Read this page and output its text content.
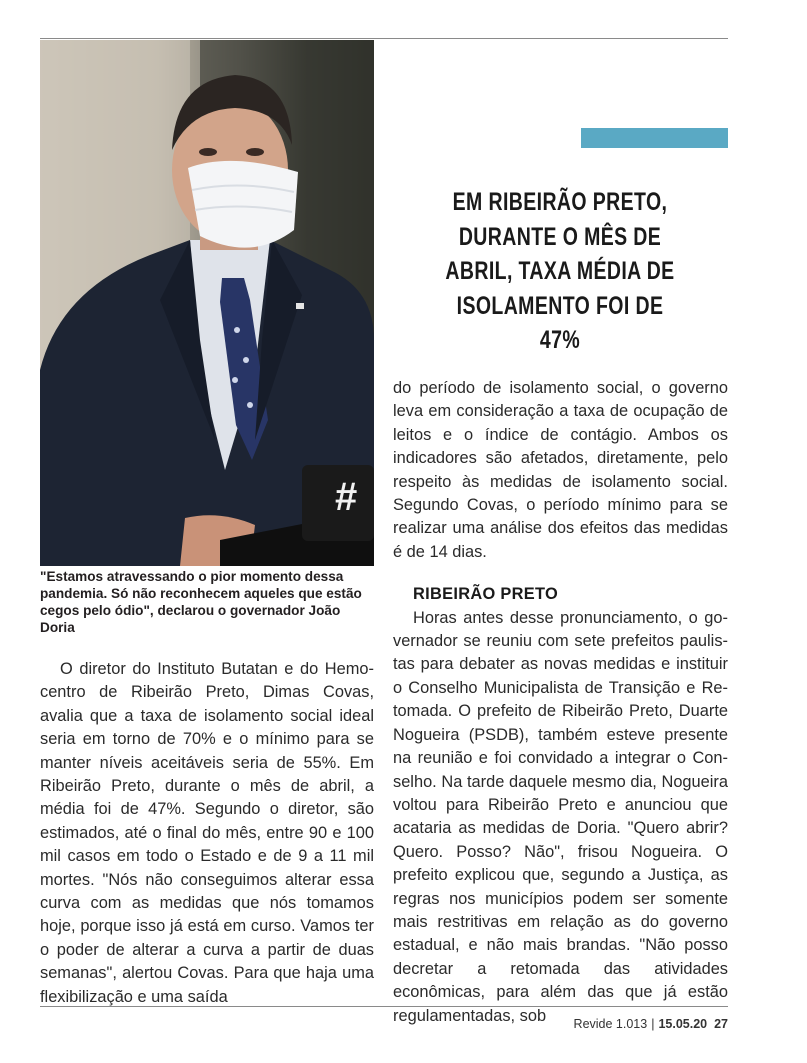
#
"Estamos atravessando o pior momento dessa pandemia. Só não reconhecem aqueles que estão cegos pelo ódio", declarou o governador João Doria
EM RIBEIRÃO PRETO,
DURANTE O MÊS DE
ABRIL, TAXA MÉDIA DE
ISOLAMENTO FOI DE 47%

O diretor do Instituto Butatan e do Hemocentro de Ribeirão Preto, Dimas Covas, avalia que a taxa de isolamento social ideal seria em torno de 70% e o mínimo para se manter níveis aceitáveis seria de 55%. Em Ribeirão Preto, durante o mês de abril, a média foi de 47%. Segundo o diretor, são estimados, até o final do mês, entre 90 e 100 mil casos em todo o Estado e de 9 a 11 mil mortes. "Nós não conseguimos alterar essa curva com as medidas que nós tomamos hoje, porque isso já está em curso. Vamos ter o poder de alterar a curva a partir de duas semanas", alertou Covas. Para que haja uma flexibilização e uma saída

do período de isolamento social, o governo leva em consideração a taxa de ocupação de leitos e o índice de contágio. Ambos os indicadores são afetados, diretamente, pelo respeito às medidas de isolamento social. Segundo Covas, o período mínimo para se realizar uma análise dos efeitos das medidas é de 14 dias.

RIBEIRÃO PRETO

Horas antes desse pronunciamento, o governador se reuniu com sete prefeitos paulistas para debater as novas medidas e instituir o Conselho Municipalista de Transição e Retomada. O prefeito de Ribeirão Preto, Duarte Nogueira (PSDB), também esteve presente na reunião e foi convidado a integrar o Conselho. Na tarde daquele mesmo dia, Nogueira voltou para Ribeirão Preto e anunciou que acataria as medidas de Doria. "Quero abrir? Quero. Posso? Não", frisou Nogueira. O prefeito explicou que, segundo a Justiça, as regras nos municípios podem ser somente mais restritivas em relação as do governo estadual, e não mais brandas. "Não posso decretar a retomada das atividades econômicas, para além das que já estão regulamentadas, sob	Revide 1.013 | 15.05.20 27
